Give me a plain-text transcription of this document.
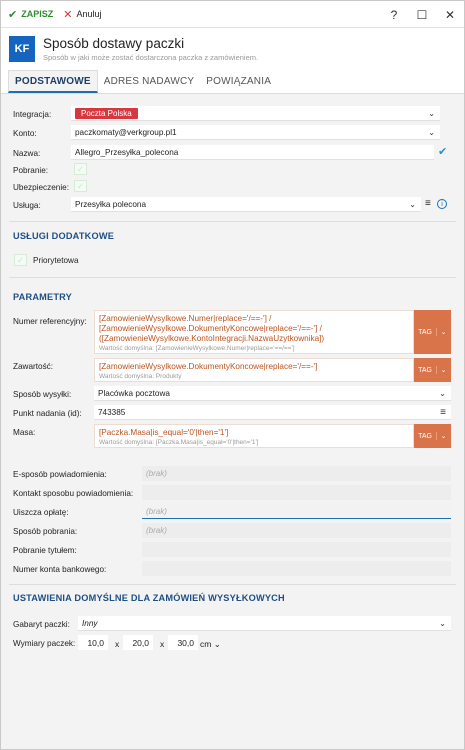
✔ ZAPISZ ✕ Anuluj	?	☐	✕
KF	Sposób dostawy paczki
Sposób w jaki może zostać dostarczona paczka z zamówieniem.
PODSTAWOWE	ADRES NADAWCY	POWIĄZANIA
Integracja:	Poczta Polska	⌄
Konto:	paczkomaty@verkgroup.pl1	⌄
Nazwa:	Allegro_Przesyłka_polecona	✔
Pobranie:	✓
Ubezpieczenie: ✓
Usługa:	Przesyłka polecona	⌄ ≡	i
USŁUGI DODATKOWE
✓	Priorytetowa
PARAMETRY
Numer referencyjny: [ZamowienieWysylkowe.Numer|replace='/==-'] /
[ZamowienieWysylkowe.DokumentyKoncowe|replace='/==-'] /
([ZamowienieWysylkowe.KontoIntegracji.NazwaUzytkownika])
Wartość domyślna: [ZamowienieWysylkowe.Numer|replace='==/==']
TAG	⌄
Zawartość:	[ZamowienieWysylkowe.DokumentyKoncowe|replace='/==-']
Wartość domyślna: Produkty
TAG	⌄
Sposób wysyłki:	Placówka pocztowa	⌄
Punkt nadania (id): 743385	≡
Masa:	[Paczka.Masa|is_equal='0'|then='1']
Wartość domyślna: [Paczka.Masa|is_equal='0'|then='1']
TAG	⌄
E-sposób powiadomienia:	(brak)
Kontakt sposobu powiadomienia:
Uiszcza opłatę:	(brak)
Sposób pobrania:	(brak)
Pobranie tytułem:
Numer konta bankowego:
USTAWIENIA DOMYŚLNE DLA ZAMÓWIEŃ WYSYŁKOWYCH
Gabaryt paczki: Inny	⌄
Wymiary paczek:	10,0	x	20,0	x	30,0 cm ⌄
